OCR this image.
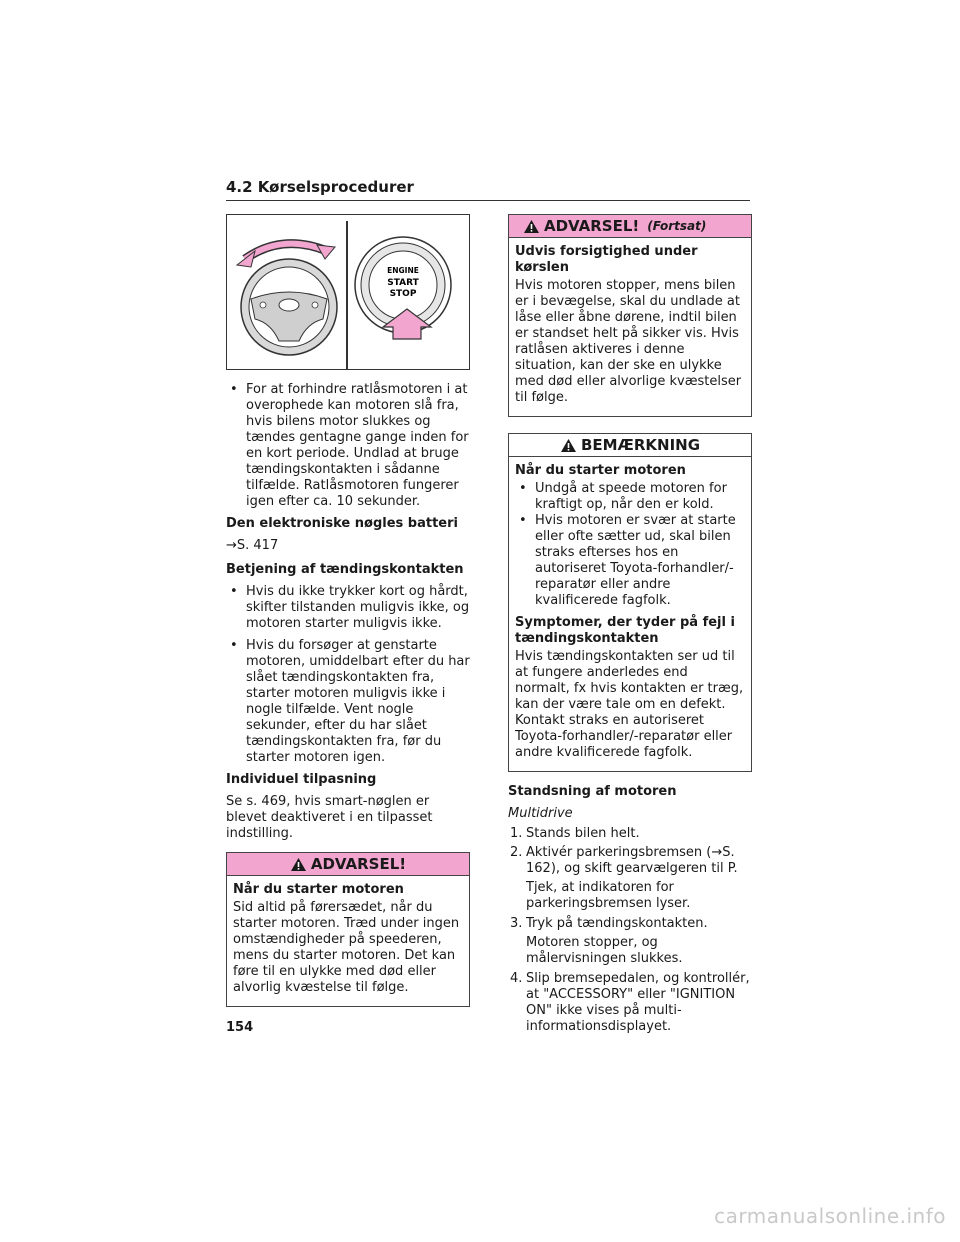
4.2 Kørselsprocedurer
ENGINE
START
STOP
• For at forhindre ratlåsmotoren i at overophede kan motoren slå fra, hvis bilens motor slukkes og tændes gentagne gange inden for en kort periode. Undlad at bruge tændingskontakten i sådanne tilfælde. Ratlåsmotoren fungerer igen efter ca. 10 sekunder.
Den elektroniske nøgles batteri
→S. 417
Betjening af tændingskontakten
• Hvis du ikke trykker kort og hårdt, skifter tilstanden muligvis ikke, og motoren starter muligvis ikke.
• Hvis du forsøger at genstarte motoren, umiddelbart efter du har slået tændingskontakten fra, starter motoren muligvis ikke i nogle tilfælde. Vent nogle sekunder, efter du har slået tændingskontakten fra, før du starter motoren igen.
Individuel tilpasning

Se s. 469, hvis smart-nøglen er blevet deaktiveret i en tilpasset indstilling.

ADVARSEL!
Når du starter motoren

Sid altid på førersædet, når du starter motoren. Træd under ingen omstændigheder på speederen, mens du starter motoren. Det kan føre til en ulykke med død eller alvorlig kvæstelse til følge.

ADVARSEL! (Fortsat)
Udvis forsigtighed under kørslen

Hvis motoren stopper, mens bilen er i bevægelse, skal du undlade at låse eller åbne dørene, indtil bilen er standset helt på sikker vis. Hvis ratlåsen aktiveres i denne situation, kan der ske en ulykke med død eller alvorlige kvæstelser til følge.

BEMÆRKNING
Når du starter motoren
• Undgå at speede motoren for kraftigt op, når den er kold.
• Hvis motoren er svær at starte eller ofte sætter ud, skal bilen straks efterses hos en autoriseret Toyota-forhandler/-reparatør eller andre kvalificerede fagfolk.
Symptomer, der tyder på fejl i tændingskontakten

Hvis tændingskontakten ser ud til at fungere anderledes end normalt, fx hvis kontakten er træg, kan der være tale om en defekt. Kontakt straks en autoriseret Toyota-forhandler/-reparatør eller andre kvalificerede fagfolk.

Standsning af motoren
Multidrive
1. Stands bilen helt.
2. Aktivér parkeringsbremsen (→S. 162), og skift gearvælgeren til P.
Tjek, at indikatoren for parkeringsbremsen lyser.
3. Tryk på tændingskontakten.
Motoren stopper, og målervisningen slukkes.
4. Slip bremsepedalen, og kontrollér, at "ACCESSORY" eller "IGNITION ON" ikke vises på multi-informationsdisplayet.
154
carmanualsonline.info
